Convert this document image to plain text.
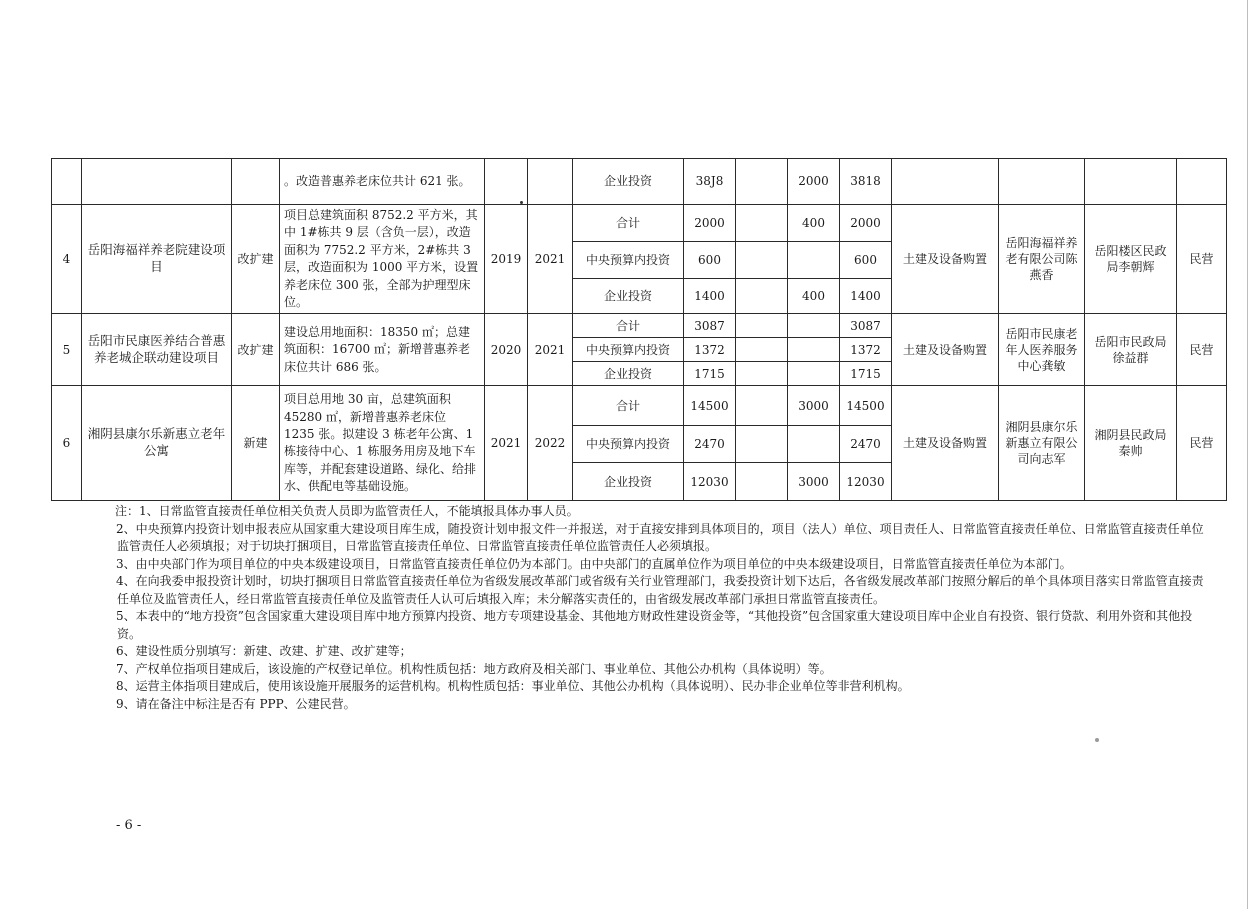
			。改造普惠养老床位共计 621 张。			企业投资	38J8		2000	3818				
4	岳阳海福祥养老院建设项目	改扩建	项目总建筑面积 8752.2 平方米，其中 1#栋共 9 层（含负一层），改造面积为 7752.2 平方米，2#栋共 3 层，改造面积为 1000 平方米，设置养老床位 300 张，全部为护理型床位。	2019	2021	合计	2000		400	2000	土建及设备购置	岳阳海福祥养老有限公司陈燕香	岳阳楼区民政局李朝辉	民营
						中央预算内投资	600			600				
						企业投资	1400		400	1400				
5	岳阳市民康医养结合普惠养老城企联动建设项目	改扩建	建设总用地面积：18350 ㎡；总建筑面积：16700 ㎡；新增普惠养老床位共计 686 张。	2020	2021	合计	3087			3087	土建及设备购置	岳阳市民康老年人医养服务中心龚敏	岳阳市民政局徐益群	民营
						中央预算内投资	1372			1372				
						企业投资	1715			1715				
6	湘阴县康尔乐新惠立老年公寓	新建	项目总用地 30 亩，总建筑面积 45280 ㎡，新增普惠养老床位 1235 张。拟建设 3 栋老年公寓、1 栋接待中心、1 栋服务用房及地下车库等，并配套建设道路、绿化、给排水、供配电等基础设施。	2021	2022	合计	14500		3000	14500	土建及设备购置	湘阴县康尔乐新惠立有限公司向志军	湘阴县民政局秦帅	民营
						中央预算内投资	2470			2470				
						企业投资	12030		3000	12030				

注：1、日常监管直接责任单位相关负责人员即为监管责任人，不能填报具体办事人员。

2、中央预算内投资计划申报表应从国家重大建设项目库生成，随投资计划申报文件一并报送，对于直接安排到具体项目的，项目（法人）单位、项目责任人、日常监管直接责任单位、日常监管直接责任单位监管责任人必须填报；对于切块打捆项目，日常监管直接责任单位、日常监管直接责任单位监管责任人必须填报。

3、由中央部门作为项目单位的中央本级建设项目，日常监管直接责任单位仍为本部门。由中央部门的直属单位作为项目单位的中央本级建设项目，日常监管直接责任单位为本部门。

4、在向我委申报投资计划时，切块打捆项目日常监管直接责任单位为省级发展改革部门或省级有关行业管理部门，我委投资计划下达后，各省级发展改革部门按照分解后的单个具体项目落实日常监管直接责任单位及监管责任人，经日常监管直接责任单位及监管责任人认可后填报入库；未分解落实责任的，由省级发展改革部门承担日常监管直接责任。

5、本表中的“地方投资”包含国家重大建设项目库中地方预算内投资、地方专项建设基金、其他地方财政性建设资金等，“其他投资”包含国家重大建设项目库中企业自有投资、银行贷款、利用外资和其他投资。

6、建设性质分别填写：新建、改建、扩建、改扩建等；

7、产权单位指项目建成后，该设施的产权登记单位。机构性质包括：地方政府及相关部门、事业单位、其他公办机构（具体说明）等。

8、运营主体指项目建成后，使用该设施开展服务的运营机构。机构性质包括：事业单位、其他公办机构（具体说明）、民办非企业单位等非营利机构。

9、请在备注中标注是否有 PPP、公建民营。

- 6 -
